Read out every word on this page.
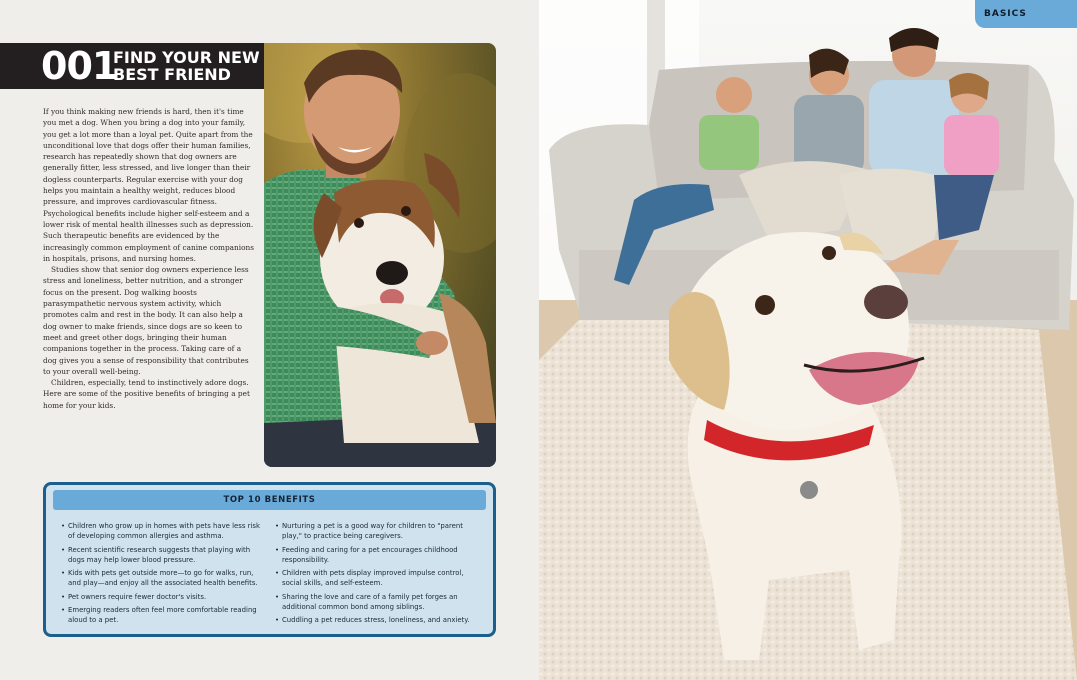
001
FIND YOUR NEW BEST FRIEND

If you think making new friends is hard, then it's time you met a dog. When you bring a dog into your family, you get a lot more than a loyal pet. Quite apart from the unconditional love that dogs offer their human families, research has repeatedly shown that dog owners are generally fitter, less stressed, and live longer than their dogless counterparts. Regular exercise with your dog helps you maintain a healthy weight, reduces blood pressure, and improves cardiovascular fitness. Psychological benefits include higher self-esteem and a lower risk of mental health illnesses such as depression. Such therapeutic benefits are evidenced by the increasingly common employment of canine companions in hospitals, prisons, and nursing homes.

Studies show that senior dog owners experience less stress and loneliness, better nutrition, and a stronger focus on the present. Dog walking boosts parasympathetic nervous system activity, which promotes calm and rest in the body. It can also help a dog owner to make friends, since dogs are so keen to meet and greet other dogs, bringing their human companions together in the process. Taking care of a dog gives you a sense of responsibility that contributes to your overall well-being.

Children, especially, tend to instinctively adore dogs. Here are some of the positive benefits of bringing a pet home for your kids.

TOP 10 BENEFITS
• Children who grow up in homes with pets have less risk of developing common allergies and asthma.
• Recent scientific research suggests that playing with dogs may help lower blood pressure.
• Kids with pets get outside more—to go for walks, run, and play—and enjoy all the associated health benefits.
• Pet owners require fewer doctor's visits.
• Emerging readers often feel more comfortable reading aloud to a pet.
• Nurturing a pet is a good way for children to "parent play," to practice being caregivers.
• Feeding and caring for a pet encourages childhood responsibility.
• Children with pets display improved impulse control, social skills, and self-esteem.
• Sharing the love and care of a family pet forges an additional common bond among siblings.
• Cuddling a pet reduces stress, loneliness, and anxiety.
BASICS
